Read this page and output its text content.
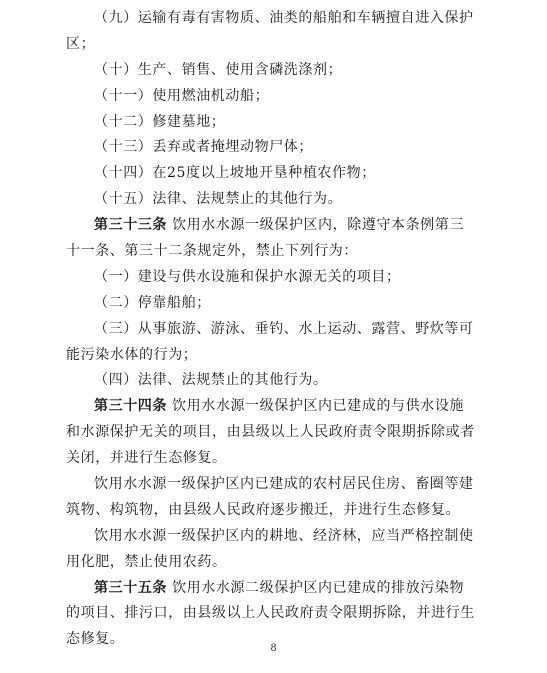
（九）运输有毒有害物质、油类的船舶和车辆擅自进入保护
区；
（十）生产、销售、使用含磷洗涤剂；
（十一）使用燃油机动船；
（十二）修建墓地；
（十三）丢弃或者掩埋动物尸体；
（十四）在25度以上坡地开垦种植农作物；
（十五）法律、法规禁止的其他行为。
第三十三条 饮用水水源一级保护区内，除遵守本条例第三
十一条、第三十二条规定外，禁止下列行为：
（一）建设与供水设施和保护水源无关的项目；
（二）停靠船舶；
（三）从事旅游、游泳、垂钓、水上运动、露营、野炊等可
能污染水体的行为；
（四）法律、法规禁止的其他行为。
第三十四条 饮用水水源一级保护区内已建成的与供水设施
和水源保护无关的项目，由县级以上人民政府责令限期拆除或者
关闭，并进行生态修复。
饮用水水源一级保护区内已建成的农村居民住房、畜圈等建
筑物、构筑物，由县级人民政府逐步搬迁，并进行生态修复。
饮用水水源一级保护区内的耕地、经济林，应当严格控制使
用化肥，禁止使用农药。
第三十五条 饮用水水源二级保护区内已建成的排放污染物
的项目、排污口，由县级以上人民政府责令限期拆除，并进行生
态修复。
8
